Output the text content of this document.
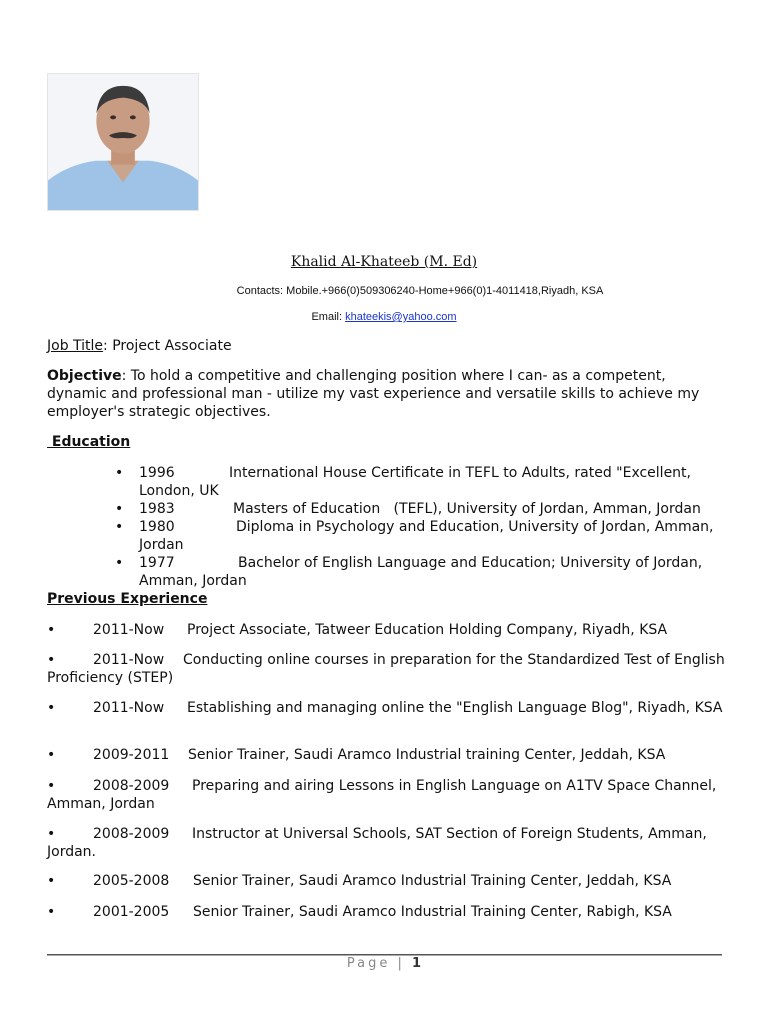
Khalid Al-Khateeb (M. Ed)
Contacts: Mobile.+966(0)509306240-Home+966(0)1-4011418,Riyadh, KSA
Email: khateekis@yahoo.com
Job Title: Project Associate
Objective: To hold a competitive and challenging position where I can- as a competent, dynamic and professional man - utilize my vast experience and versatile skills to achieve my employer's strategic objectives.
Education
• 1996	International House Certificate in TEFL to Adults, rated "Excellent, London, UK
• 1983	Masters of Education   (TEFL), University of Jordan, Amman, Jordan
• 1980	Diploma in Psychology and Education, University of Jordan, Amman, Jordan
• 1977	Bachelor of English Language and Education; University of Jordan, Amman, Jordan
Previous Experience
•	2011-Now Project Associate, Tatweer Education Holding Company, Riyadh, KSA
•	2011-Now Conducting online courses in preparation for the Standardized Test of English Proficiency (STEP)
•	2011-Now Establishing and managing online the "English Language Blog", Riyadh, KSA
•	2009-2011 Senior Trainer, Saudi Aramco Industrial training Center, Jeddah, KSA
•	2008-2009 Preparing and airing Lessons in English Language on A1TV Space Channel, Amman, Jordan
•	2008-2009 Instructor at Universal Schools, SAT Section of Foreign Students, Amman, Jordan.
•	2005-2008 Senior Trainer, Saudi Aramco Industrial Training Center, Jeddah, KSA
•	2001-2005 Senior Trainer, Saudi Aramco Industrial Training Center, Rabigh, KSA
Page | 1
